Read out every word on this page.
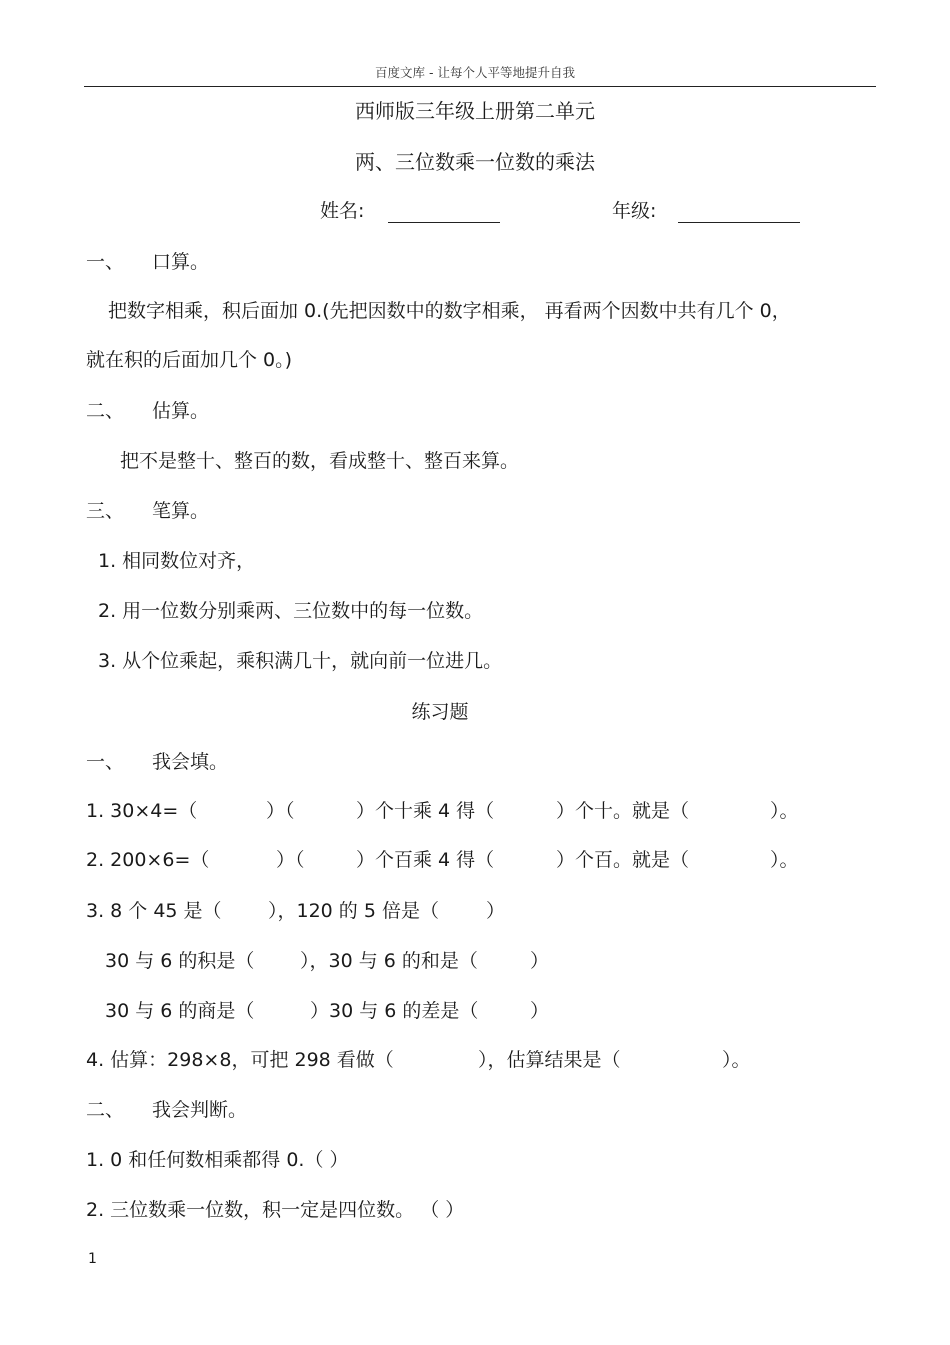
百度文库 - 让每个人平等地提升自我
西师版三年级上册第二单元
两、三位数乘一位数的乘法
姓名:	年级:
一、 口算。
把数字相乘，积后面加 0.(先把因数中的数字相乘， 再看两个因数中共有几个 0，
就在积的后面加几个 0。)
二、 估算。
把不是整十、整百的数，看成整十、整百来算。
三、 笔算。
1. 相同数位对齐，
2. 用一位数分别乘两、三位数中的每一位数。
3. 从个位乘起，乘积满几十，就向前一位进几。
练习题
一、 我会填。
1. 30×4=（	）（	）个十乘 4 得（	）个十。就是（	）。
2. 200×6=（	）（	）个百乘 4 得（	）个百。就是（	）。
3. 8 个 45 是（ ），120 的 5 倍是（ ）
30 与 6 的积是（ ），30 与 6 的和是（	）
30 与 6 的商是（	）30 与 6 的差是（	）
4. 估算：298×8，可把 298 看做（	），估算结果是（	）。
二、 我会判断。
1. 0 和任何数相乘都得 0.（ ）
2. 三位数乘一位数，积一定是四位数。 （ ）
1
